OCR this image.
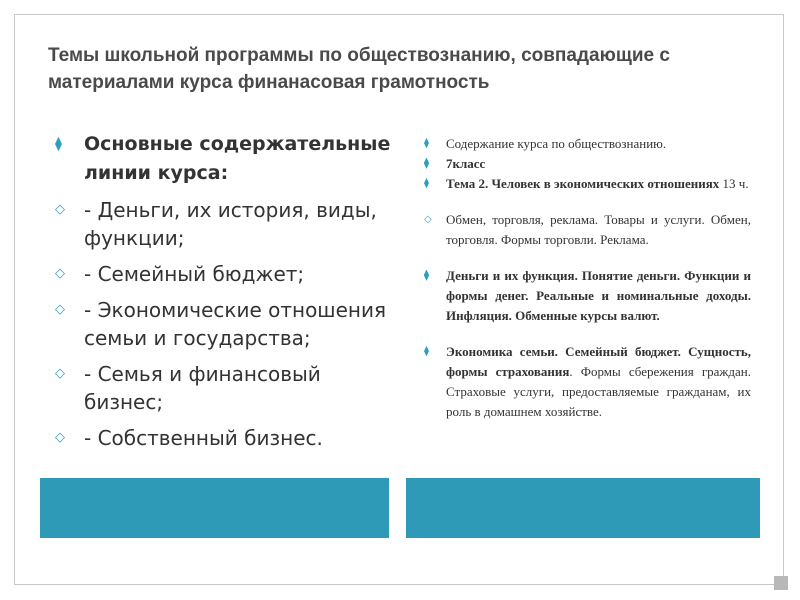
Темы школьной программы по обществознанию, совпадающие с материалами курса финанасовая грамотность
⧫ Основные содержательные линии курса:
◇ - Деньги, их история, виды, функции;
◇ - Семейный бюджет;
◇ - Экономические отношения семьи и государства;
◇ - Семья и финансовый бизнес;
◇ - Собственный бизнес.
⧫ Содержание курса по обществознанию.
⧫ 7класс
⧫ Тема 2. Человек в экономических отношениях 13 ч.
◇ Обмен, торговля, реклама. Товары и услуги. Обмен, торговля. Формы торговли. Реклама.
⧫ Деньги и их функция. Понятие деньги. Функции и формы денег. Реальные и номинальные доходы. Инфляция. Обменные курсы валют.
⧫ Экономика семьи. Семейный бюджет. Сущность, формы страхования. Формы сбережения граждан. Страховые услуги, предоставляемые гражданам, их роль в домашнем хозяйстве.
